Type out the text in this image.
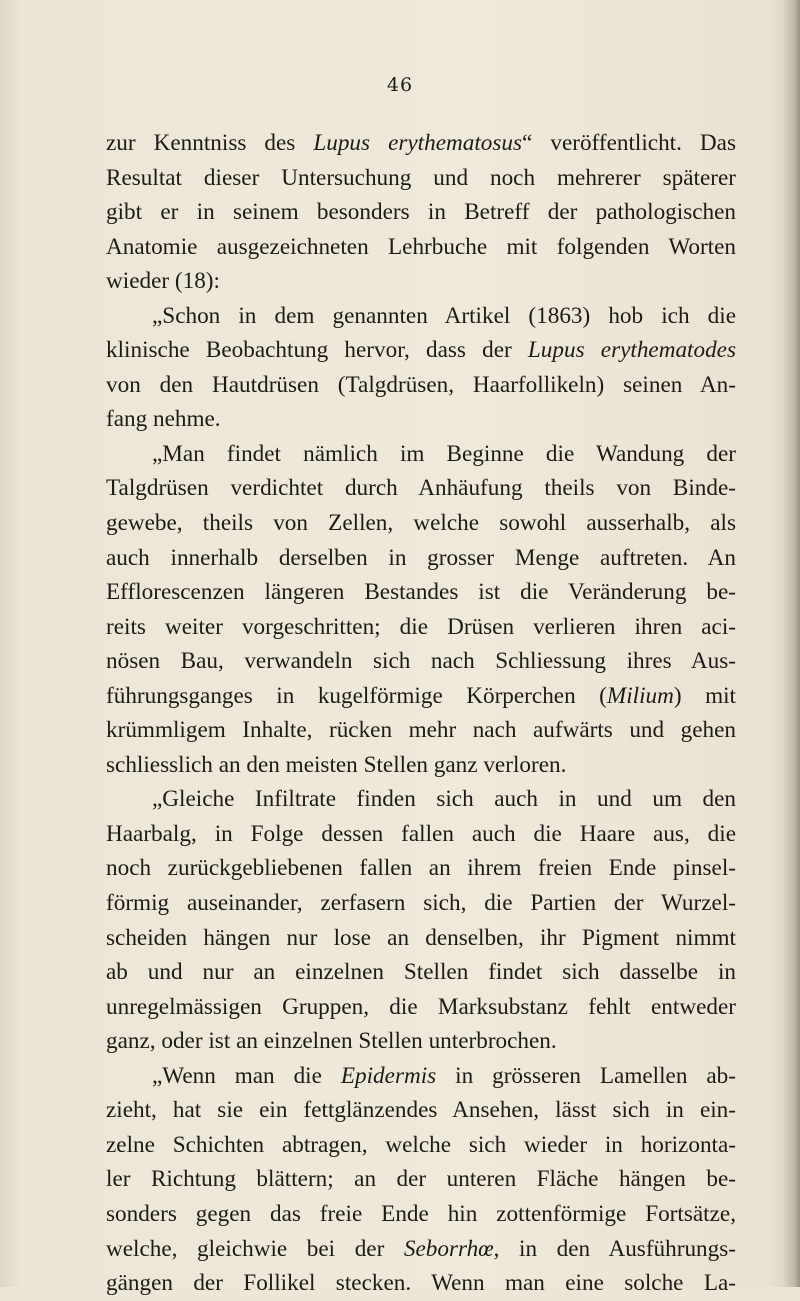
46
zur Kenntniss des Lupus erythematosus“ veröffentlicht. Das
Resultat dieser Untersuchung und noch mehrerer späterer
gibt er in seinem besonders in Betreff der pathologischen
Anatomie ausgezeichneten Lehrbuche mit folgenden Worten
wieder (18):
„Schon in dem genannten Artikel (1863) hob ich die
klinische Beobachtung hervor, dass der Lupus erythematodes
von den Hautdrüsen (Talgdrüsen, Haarfollikeln) seinen An-
fang nehme.
„Man findet nämlich im Beginne die Wandung der
Talgdrüsen verdichtet durch Anhäufung theils von Binde-
gewebe, theils von Zellen, welche sowohl ausserhalb, als
auch innerhalb derselben in grosser Menge auftreten. An
Efflorescenzen längeren Bestandes ist die Veränderung be-
reits weiter vorgeschritten; die Drüsen verlieren ihren aci-
nösen Bau, verwandeln sich nach Schliessung ihres Aus-
führungsganges in kugelförmige Körperchen (Milium) mit
krümmligem Inhalte, rücken mehr nach aufwärts und gehen
schliesslich an den meisten Stellen ganz verloren.
„Gleiche Infiltrate finden sich auch in und um den
Haarbalg, in Folge dessen fallen auch die Haare aus, die
noch zurückgebliebenen fallen an ihrem freien Ende pinsel-
förmig auseinander, zerfasern sich, die Partien der Wurzel-
scheiden hängen nur lose an denselben, ihr Pigment nimmt
ab und nur an einzelnen Stellen findet sich dasselbe in
unregelmässigen Gruppen, die Marksubstanz fehlt entweder
ganz, oder ist an einzelnen Stellen unterbrochen.
„Wenn man die Epidermis in grösseren Lamellen ab-
zieht, hat sie ein fettglänzendes Ansehen, lässt sich in ein-
zelne Schichten abtragen, welche sich wieder in horizonta-
ler Richtung blättern; an der unteren Fläche hängen be-
sonders gegen das freie Ende hin zottenförmige Fortsätze,
welche, gleichwie bei der Seborrhœ, in den Ausführungs-
gängen der Follikel stecken. Wenn man eine solche La-
